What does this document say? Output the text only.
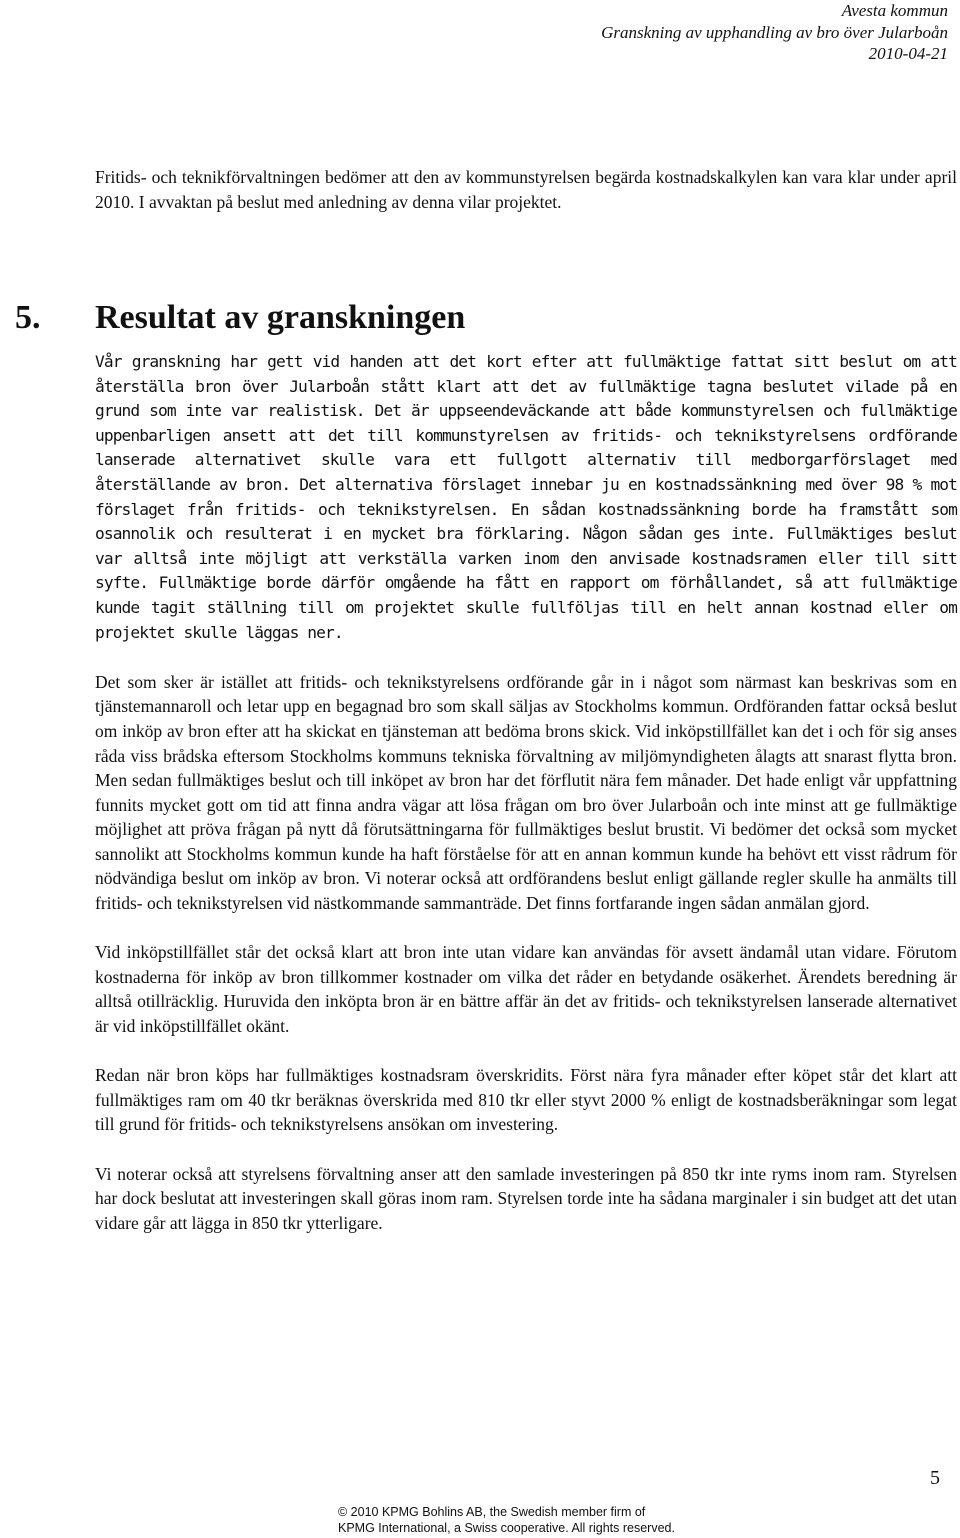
Avesta kommun
Granskning av upphandling av bro över Jularboån
2010-04-21
Fritids- och teknikförvaltningen bedömer att den av kommunstyrelsen begärda kostnadskalkylen kan vara klar under april 2010. I avvaktan på beslut med anledning av denna vilar projektet.
5. Resultat av granskningen

Vår granskning har gett vid handen att det kort efter att fullmäktige fattat sitt beslut om att återställa bron över Jularboån stått klart att det av fullmäktige tagna beslutet vilade på en grund som inte var realistisk. Det är uppseendeväckande att både kommunstyrelsen och fullmäktige uppenbarligen ansett att det till kommunstyrelsen av fritids- och teknikstyrelsens ordförande lanserade alternativet skulle vara ett fullgott alternativ till medborgarförslaget med återställande av bron. Det alternativa förslaget innebar ju en kostnadssänkning med över 98 % mot förslaget från fritids- och teknikstyrelsen. En sådan kostnadssänkning borde ha framstått som osannolik och resulterat i en mycket bra förklaring. Någon sådan ges inte. Fullmäktiges beslut var alltså inte möjligt att verkställa varken inom den anvisade kostnadsramen eller till sitt syfte. Fullmäktige borde därför omgående ha fått en rapport om förhållandet, så att fullmäktige kunde tagit ställning till om projektet skulle fullföljas till en helt annan kostnad eller om projektet skulle läggas ner.

Det som sker är istället att fritids- och teknikstyrelsens ordförande går in i något som närmast kan beskrivas som en tjänstemannaroll och letar upp en begagnad bro som skall säljas av Stockholms kommun. Ordföranden fattar också beslut om inköp av bron efter att ha skickat en tjänsteman att bedöma brons skick. Vid inköpstillfället kan det i och för sig anses råda viss brådska eftersom Stockholms kommuns tekniska förvaltning av miljömyndigheten ålagts att snarast flytta bron. Men sedan fullmäktiges beslut och till inköpet av bron har det förflutit nära fem månader. Det hade enligt vår uppfattning funnits mycket gott om tid att finna andra vägar att lösa frågan om bro över Jularboån och inte minst att ge fullmäktige möjlighet att pröva frågan på nytt då förutsättningarna för fullmäktiges beslut brustit. Vi bedömer det också som mycket sannolikt att Stockholms kommun kunde ha haft förståelse för att en annan kommun kunde ha behövt ett visst rådrum för nödvändiga beslut om inköp av bron. Vi noterar också att ordförandens beslut enligt gällande regler skulle ha anmälts till fritids- och teknikstyrelsen vid nästkommande sammanträde. Det finns fortfarande ingen sådan anmälan gjord.

Vid inköpstillfället står det också klart att bron inte utan vidare kan användas för avsett ändamål utan vidare. Förutom kostnaderna för inköp av bron tillkommer kostnader om vilka det råder en betydande osäkerhet. Ärendets beredning är alltså otillräcklig. Huruvida den inköpta bron är en bättre affär än det av fritids- och teknikstyrelsen lanserade alternativet är vid inköpstillfället okänt.

Redan när bron köps har fullmäktiges kostnadsram överskridits. Först nära fyra månader efter köpet står det klart att fullmäktiges ram om 40 tkr beräknas överskrida med 810 tkr eller styvt 2000 % enligt de kostnadsberäkningar som legat till grund för fritids- och teknikstyrelsens ansökan om investering.

Vi noterar också att styrelsens förvaltning anser att den samlade investeringen på 850 tkr inte ryms inom ram. Styrelsen har dock beslutat att investeringen skall göras inom ram. Styrelsen torde inte ha sådana marginaler i sin budget att det utan vidare går att lägga in 850 tkr ytterligare.

5
© 2010 KPMG Bohlins AB, the Swedish member firm of
KPMG International, a Swiss cooperative. All rights reserved.
